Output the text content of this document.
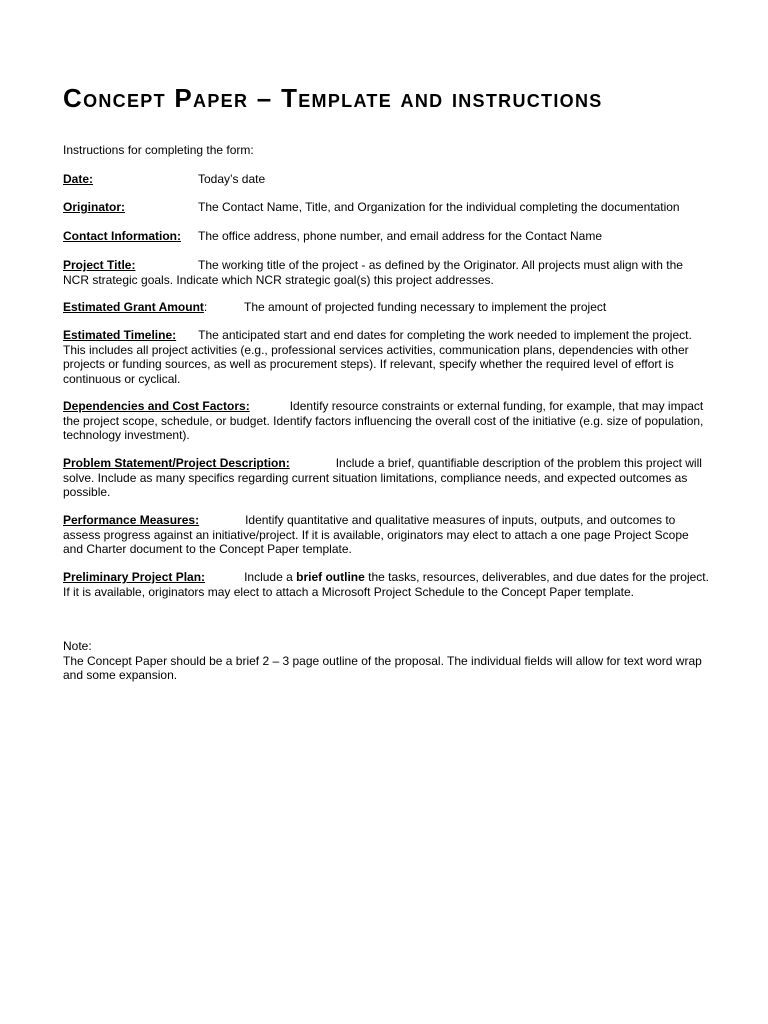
Concept Paper – Template and instructions
Instructions for completing the form:
Date:	Today’s date
Originator:	The Contact Name, Title, and Organization for the individual completing the documentation
Contact Information: The office address, phone number, and email address for the Contact Name
Project Title:	The working title of the project - as defined by the Originator. All projects must align with the NCR strategic goals. Indicate which NCR strategic goal(s) this project addresses.
Estimated Grant Amount:	The amount of projected funding necessary to implement the project
Estimated Timeline: The anticipated start and end dates for completing the work needed to implement the project. This includes all project activities (e.g., professional services activities, communication plans, dependencies with other projects or funding sources, as well as procurement steps). If relevant, specify whether the required level of effort is continuous or cyclical.
Dependencies and Cost Factors:	Identify resource constraints or external funding, for example, that may impact the project scope, schedule, or budget. Identify factors influencing the overall cost of the initiative (e.g. size of population, technology investment).
Problem Statement/Project Description:	Include a brief, quantifiable description of the problem this project will solve. Include as many specifics regarding current situation limitations, compliance needs, and expected outcomes as possible.
Performance Measures:	Identify quantitative and qualitative measures of inputs, outputs, and outcomes to assess progress against an initiative/project. If it is available, originators may elect to attach a one page Project Scope and Charter document to the Concept Paper template.
Preliminary Project Plan:	Include a brief outline the tasks, resources, deliverables, and due dates for the project. If it is available, originators may elect to attach a Microsoft Project Schedule to the Concept Paper template.
Note:
The Concept Paper should be a brief 2 – 3 page outline of the proposal. The individual fields will allow for text word wrap and some expansion.
